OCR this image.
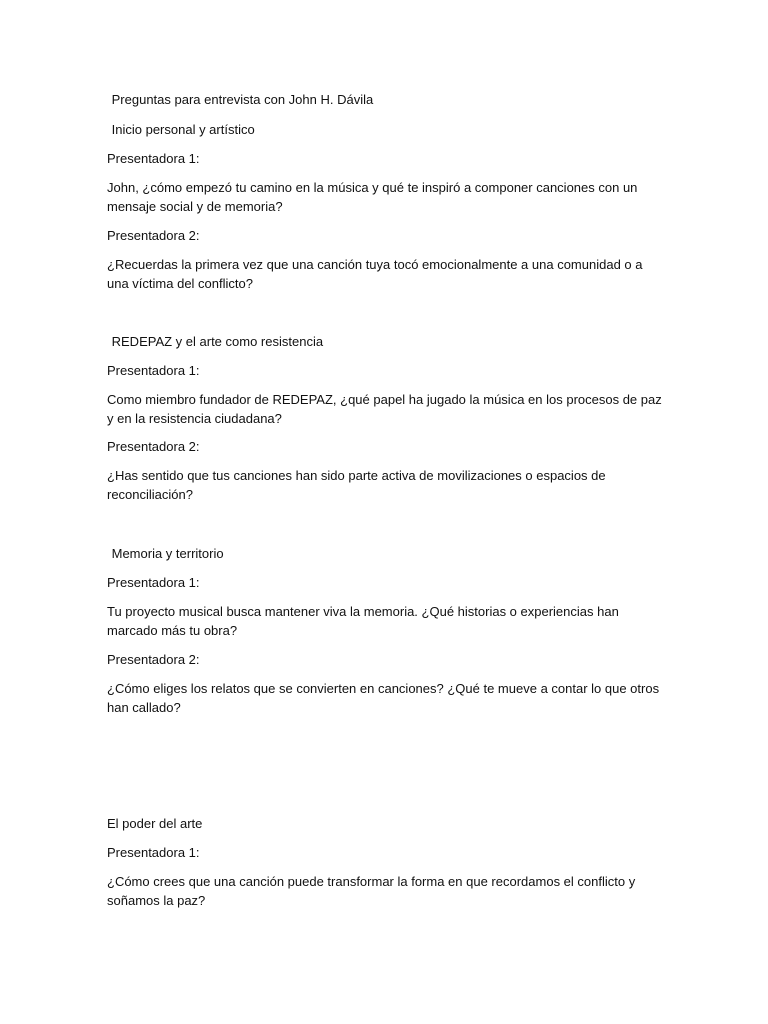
Preguntas para entrevista con John H. Dávila
Inicio personal y artístico
Presentadora 1:
John, ¿cómo empezó tu camino en la música y qué te inspiró a componer canciones con un mensaje social y de memoria?
Presentadora 2:
¿Recuerdas la primera vez que una canción tuya tocó emocionalmente a una comunidad o a una víctima del conflicto?
REDEPAZ y el arte como resistencia
Presentadora 1:
Como miembro fundador de REDEPAZ, ¿qué papel ha jugado la música en los procesos de paz y en la resistencia ciudadana?
Presentadora 2:
¿Has sentido que tus canciones han sido parte activa de movilizaciones o espacios de reconciliación?
Memoria y territorio
Presentadora 1:
Tu proyecto musical busca mantener viva la memoria. ¿Qué historias o experiencias han marcado más tu obra?
Presentadora 2:
¿Cómo eliges los relatos que se convierten en canciones? ¿Qué te mueve a contar lo que otros han callado?
El poder del arte
Presentadora 1:
¿Cómo crees que una canción puede transformar la forma en que recordamos el conflicto y soñamos la paz?
